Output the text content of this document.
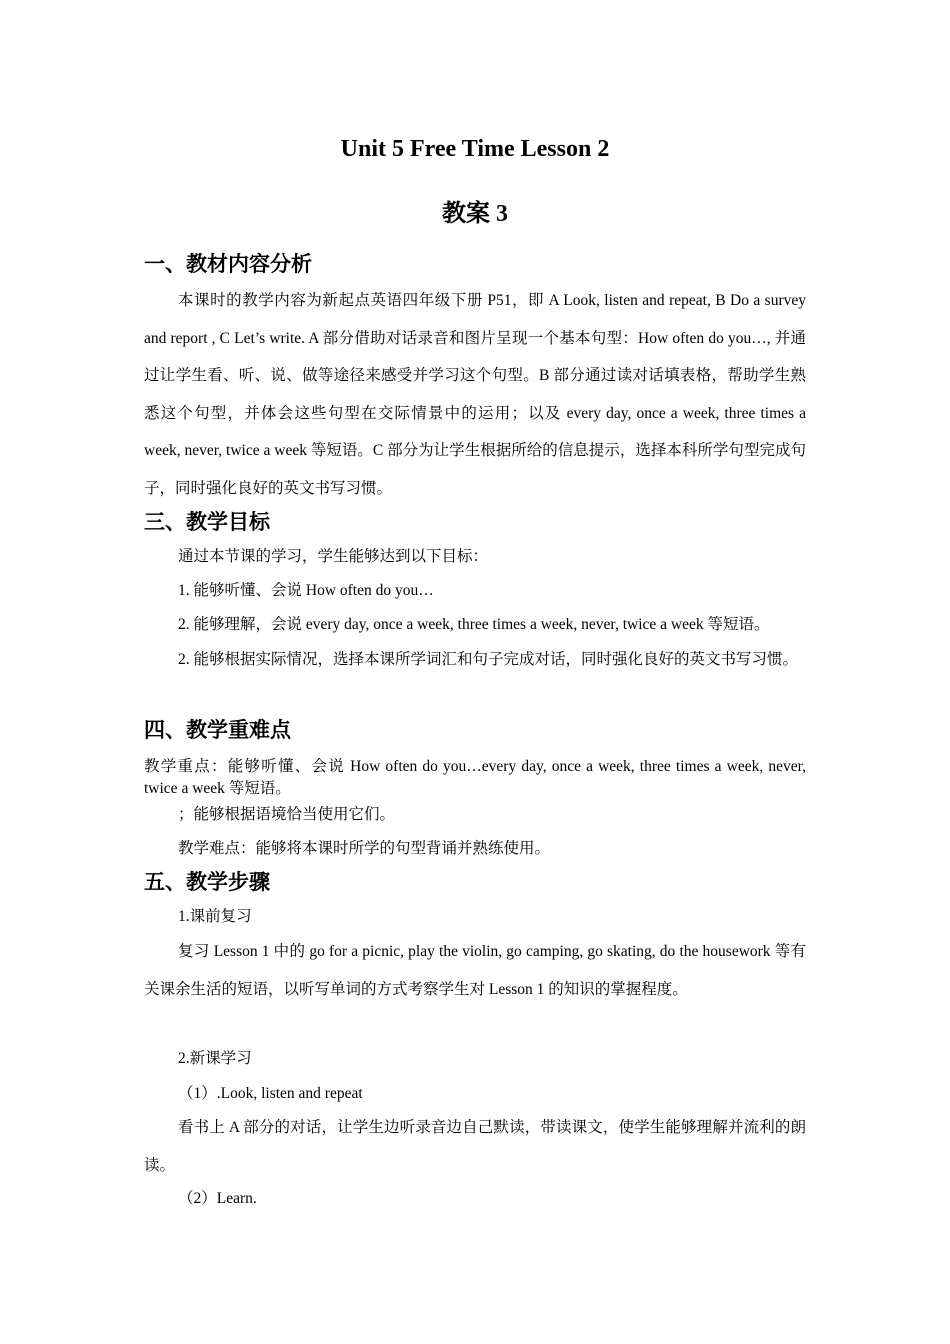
Unit 5 Free Time Lesson 2
教案 3
一、教材内容分析
本课时的教学内容为新起点英语四年级下册 P51，即 A Look, listen and repeat, B Do a survey and report , C Let’s write. A 部分借助对话录音和图片呈现一个基本句型：How often do you…, 并通过让学生看、听、说、做等途径来感受并学习这个句型。B 部分通过读对话填表格，帮助学生熟悉这个句型，并体会这些句型在交际情景中的运用；以及 every day, once a week, three times a week, never, twice a week 等短语。C 部分为让学生根据所给的信息提示，选择本科所学句型完成句子，同时强化良好的英文书写习惯。
三、教学目标
通过本节课的学习，学生能够达到以下目标：
1. 能够听懂、会说 How often do you…
2. 能够理解，会说 every day, once a week, three times a week, never, twice a week 等短语。
2. 能够根据实际情况，选择本课所学词汇和句子完成对话，同时强化良好的英文书写习惯。
四、教学重难点
教学重点：能够听懂、会说 How often do you…every day, once a week, three times a week, never, twice a week 等短语。
；能够根据语境恰当使用它们。
教学难点：能够将本课时所学的句型背诵并熟练使用。
五、教学步骤
1.课前复习
复习 Lesson 1 中的 go for a picnic, play the violin, go camping, go skating, do the housework 等有关课余生活的短语，以听写单词的方式考察学生对 Lesson 1 的知识的掌握程度。
2.新课学习
（1）.Look, listen and repeat
看书上 A 部分的对话，让学生边听录音边自己默读，带读课文，使学生能够理解并流利的朗读。
（2）Learn.
